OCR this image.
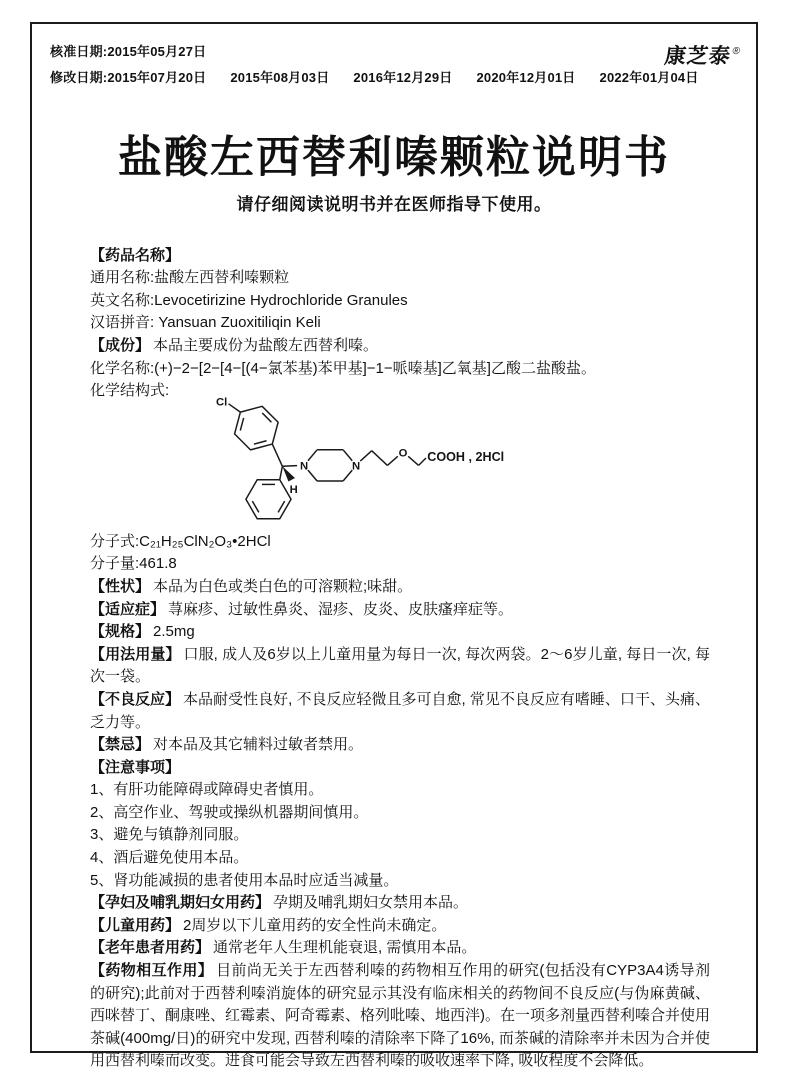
核准日期:2015年05月27日

修改日期:2015年07月20日 2015年08月03日 2016年12月29日 2020年12月01日 2022年01月04日
康芝泰®
盐酸左西替利嗪颗粒说明书

请仔细阅读说明书并在医师指导下使用。

【药品名称】

通用名称:盐酸左西替利嗪颗粒

英文名称:Levocetirizine Hydrochloride Granules

汉语拼音: Yansuan Zuoxitiliqin Keli

【成份】 本品主要成份为盐酸左西替利嗪。

化学名称:(+)−2−[2−[4−[(4−氯苯基)苯甲基]−1−哌嗪基]乙氧基]乙酸二盐酸盐。

化学结构式:

Cl
N	N
O
H
COOH , 2HCl

分子式:C₂₁H₂₅ClN₂O₃•2HCl

分子量:461.8

【性状】 本品为白色或类白色的可溶颗粒;味甜。

【适应症】 荨麻疹、过敏性鼻炎、湿疹、皮炎、皮肤瘙痒症等。

【规格】 2.5mg

【用法用量】 口服, 成人及6岁以上儿童用量为每日一次, 每次两袋。2～6岁儿童, 每日一次, 每次一袋。

【不良反应】 本品耐受性良好, 不良反应轻微且多可自愈, 常见不良反应有嗜睡、口干、头痛、乏力等。

【禁忌】 对本品及其它辅料过敏者禁用。

【注意事项】

1、有肝功能障碍或障碍史者慎用。

2、高空作业、驾驶或操纵机器期间慎用。

3、避免与镇静剂同服。

4、酒后避免使用本品。

5、肾功能减损的患者使用本品时应适当减量。

【孕妇及哺乳期妇女用药】 孕期及哺乳期妇女禁用本品。

【儿童用药】 2周岁以下儿童用药的安全性尚未确定。

【老年患者用药】 通常老年人生理机能衰退, 需慎用本品。

【药物相互作用】 目前尚无关于左西替利嗪的药物相互作用的研究(包括没有CYP3A4诱导剂的研究);此前对于西替利嗪消旋体的研究显示其没有临床相关的药物间不良反应(与伪麻黄碱、西咪替丁、酮康唑、红霉素、阿奇霉素、格列吡嗪、地西泮)。在一项多剂量西替利嗪合并使用茶碱(400mg/日)的研究中发现, 西替利嗪的清除率下降了16%, 而茶碱的清除率并未因为合并使用西替利嗪而改变。进食可能会导致左西替利嗪的吸收速率下降, 吸收程度不会降低。
